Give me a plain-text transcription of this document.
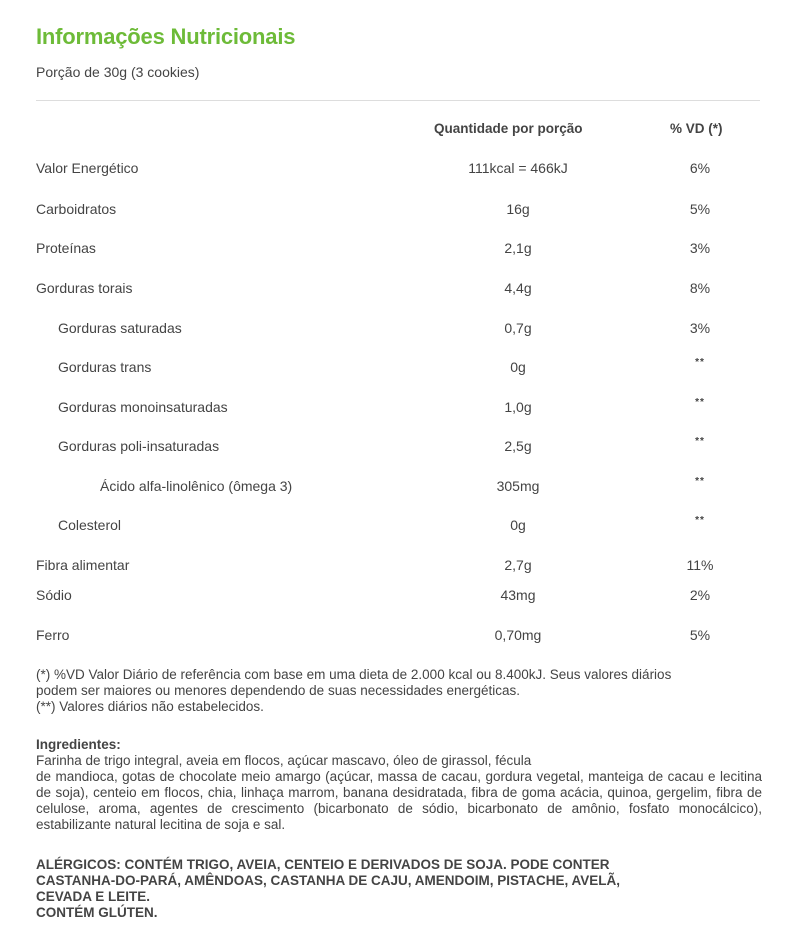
Informações Nutricionais
Porção de 30g (3 cookies)
Quantidade por porção	% VD (*)
Valor Energético	111kcal = 466kJ	6%
Carboidratos	16g	5%
Proteínas	2,1g	3%
Gorduras torais	4,4g	8%
Gorduras saturadas	0,7g	3%
Gorduras trans	0g	**
Gorduras monoinsaturadas	1,0g	**
Gorduras poli-insaturadas	2,5g	**
Ácido alfa-linolênico (ômega 3)	305mg	**
Colesterol	0g	**
Fibra alimentar	2,7g	11%
Sódio	43mg	2%
Ferro	0,70mg	5%
(*) %VD Valor Diário de referência com base em uma dieta de 2.000 kcal ou 8.400kJ. Seus valores diários
podem ser maiores ou menores dependendo de suas necessidades energéticas.
(**) Valores diários não estabelecidos.
Ingredientes:
Farinha de trigo integral, aveia em flocos, açúcar mascavo, óleo de girassol, fécula
de mandioca, gotas de chocolate meio amargo (açúcar, massa de cacau, gordura vegetal, manteiga de cacau e lecitina de soja), centeio em flocos, chia, linhaça marrom, banana desidratada, fibra de goma acácia, quinoa, gergelim, fibra de celulose, aroma, agentes de crescimento (bicarbonato de sódio, bicarbonato de amônio, fosfato monocálcico), estabilizante natural lecitina de soja e sal.
ALÉRGICOS: CONTÉM TRIGO, AVEIA, CENTEIO E DERIVADOS DE SOJA. PODE CONTER
CASTANHA-DO-PARÁ, AMÊNDOAS, CASTANHA DE CAJU, AMENDOIM, PISTACHE, AVELÃ,
CEVADA E LEITE.
CONTÉM GLÚTEN.
